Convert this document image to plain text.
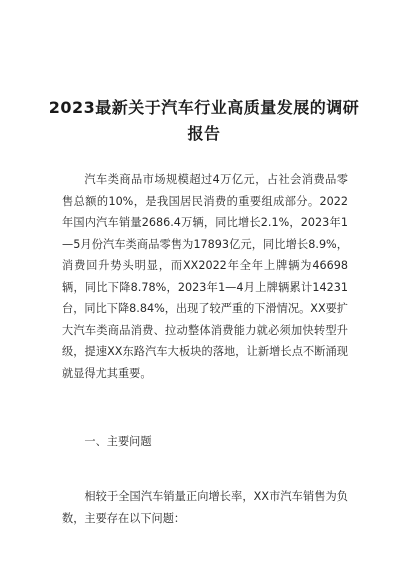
2023最新关于汽车行业高质量发展的调研
报告

汽车类商品市场规模超过4万亿元，占社会消费品零售总额的10%，是我国居民消费的重要组成部分。2022年国内汽车销量2686.4万辆，同比增长2.1%，2023年1—5月份汽车类商品零售为17893亿元，同比增长8.9%，消费回升势头明显，而XX2022年全年上牌辆为46698辆，同比下降8.78%，2023年1—4月上牌辆累计14231台，同比下降8.84%，出现了较严重的下滑情况。XX要扩大汽车类商品消费、拉动整体消费能力就必须加快转型升级，提速XX东路汽车大板块的落地，让新增长点不断涌现就显得尤其重要。

一、主要问题

相较于全国汽车销量正向增长率，XX市汽车销售为负数，主要存在以下问题：
